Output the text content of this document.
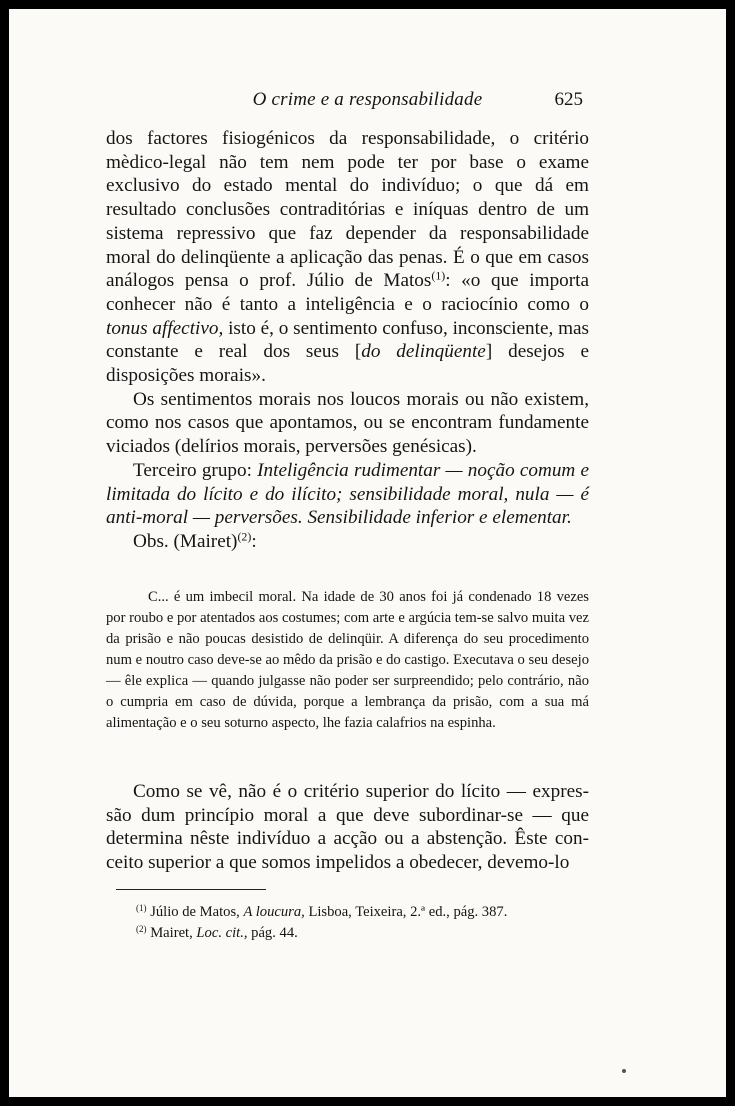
O crime e a responsabilidade	625

dos factores fisiogénicos da responsabilidade, o critério mèdico-legal não tem nem pode ter por base o exame exclusivo do estado mental do indivíduo; o que dá em resultado conclusões contraditórias e iníquas dentro de um sistema repressivo que faz depender da responsabilidade moral do delinqüente a aplicação das penas. É o que em casos análogos pensa o prof. Júlio de Matos$^{(1)}$: «o que importa conhecer não é tanto a inteligência e o raciocínio como o tonus affectivo, isto é, o sentimento confuso, inconsciente, mas constante e real dos seus [do delinqüente] desejos e disposições morais».

Os sentimentos morais nos loucos morais ou não existem, como nos casos que apontamos, ou se encontram fundamente viciados (delírios morais, perversões genésicas).

Terceiro grupo: Inteligência rudimentar — noção comum e limitada do lícito e do ilícito; sensibilidade moral, nula — é anti-moral — perversões. Sensibilidade inferior e elementar.

Obs. (Mairet)$^{(2)}$:

C... é um imbecil moral. Na idade de 30 anos foi já condenado 18 vezes por roubo e por atentados aos costumes; com arte e argúcia tem-se salvo muita vez da prisão e não poucas desistido de delinqüir. A diferença do seu procedimento num e noutro caso deve-se ao mêdo da prisão e do castigo. Executava o seu desejo — êle explica — quando julgasse não poder ser surpreendido; pelo contrário, não o cumpria em caso de dúvida, porque a lembrança da prisão, com a sua má alimentação e o seu soturno aspecto, lhe fazia calafrios na espinha.

Como se vê, não é o critério superior do lícito — expressão dum princípio moral a que deve subordinar-se — que determina nêste indivíduo a acção ou a abstenção. Êste conceito superior a que somos impelidos a obedecer, devemo-lo

$^{(1)}$ Júlio de Matos, A loucura, Lisboa, Teixeira, 2.ª ed., pág. 387.
$^{(2)}$ Mairet, Loc. cit., pág. 44.
